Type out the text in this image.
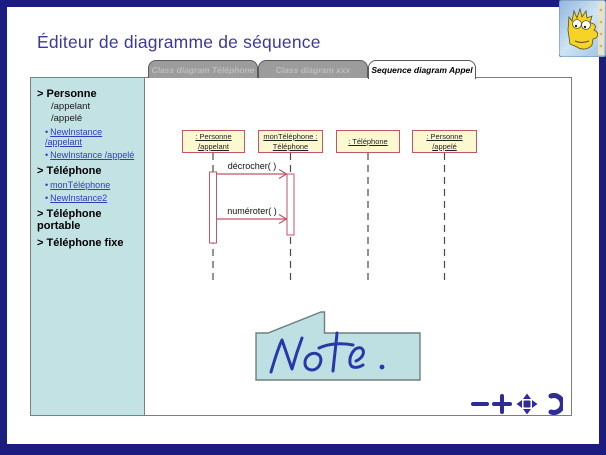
Éditeur de diagramme de séquence
Class diagram Téléphone Class diagram xxx Sequence diagram Appel
> Personne
/appelant
/appelé
• NewInstance /appelant
• NewInstance /appelé
> Téléphone
• monTéléphone
• NewInstance2
> Téléphone portable
> Téléphone fixe
: Personne
/appelant
monTéléphone :
Téléphone
: Téléphone
: Personne
/appelé
décrocher( )
numéroter( )
